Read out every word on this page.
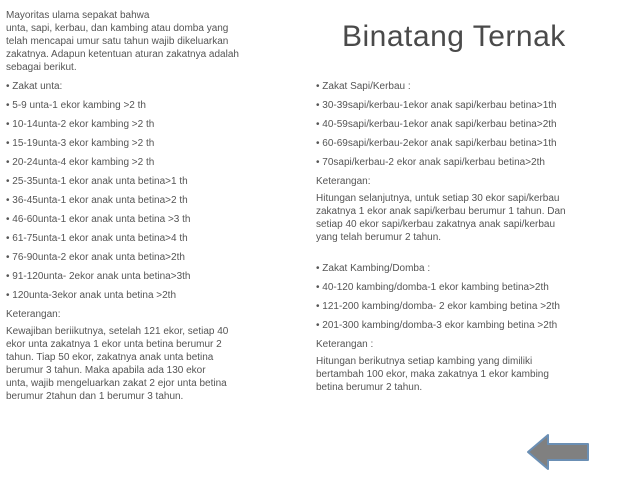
Binatang Ternak
Mayoritas ulama sepakat bahwa
unta, sapi, kerbau, dan kambing atau domba yang
telah mencapai umur satu tahun wajib dikeluarkan
zakatnya. Adapun ketentuan aturan zakatnya adalah
sebagai berikut.
• Zakat unta:
• 5-9 unta-1 ekor kambing >2 th
• 10-14unta-2 ekor kambing >2 th
• 15-19unta-3 ekor kambing >2 th
• 20-24unta-4 ekor kambing >2 th
• 25-35unta-1 ekor anak unta betina>1 th
• 36-45unta-1 ekor anak unta betina>2 th
• 46-60unta-1 ekor anak unta betina >3 th
• 61-75unta-1 ekor anak unta betina>4 th
• 76-90unta-2 ekor anak unta betina>2th
• 91-120unta- 2ekor anak unta betina>3th
• 120unta-3ekor anak unta betina >2th
Keterangan:
Kewajiban beriikutnya, setelah 121 ekor, setiap 40
ekor unta zakatnya 1 ekor unta betina berumur 2
tahun. Tiap 50 ekor, zakatnya anak unta betina
berumur 3 tahun. Maka apabila ada 130 ekor
unta, wajib mengeluarkan zakat 2 ejor unta betina
berumur 2tahun dan 1 berumur 3 tahun.
• Zakat Sapi/Kerbau :
• 30-39sapi/kerbau-1ekor anak sapi/kerbau betina>1th
• 40-59sapi/kerbau-1ekor anak sapi/kerbau betina>2th
• 60-69sapi/kerbau-2ekor anak sapi/kerbau betina>1th
• 70sapi/kerbau-2 ekor anak sapi/kerbau betina>2th
Keterangan:
Hitungan selanjutnya, untuk setiap 30 ekor sapi/kerbau
zakatnya 1 ekor anak sapi/kerbau berumur 1 tahun. Dan
setiap 40 ekor sapi/kerbau zakatnya anak sapi/kerbau
yang telah berumur 2 tahun.
• Zakat Kambing/Domba :
• 40-120 kambing/domba-1 ekor kambing betina>2th
• 121-200 kambing/domba- 2 ekor kambing betina >2th
• 201-300 kambing/domba-3 ekor kambing betina >2th
Keterangan :
Hitungan berikutnya setiap kambing yang dimiliki
bertambah 100 ekor, maka zakatnya 1 ekor kambing
betina berumur 2 tahun.
